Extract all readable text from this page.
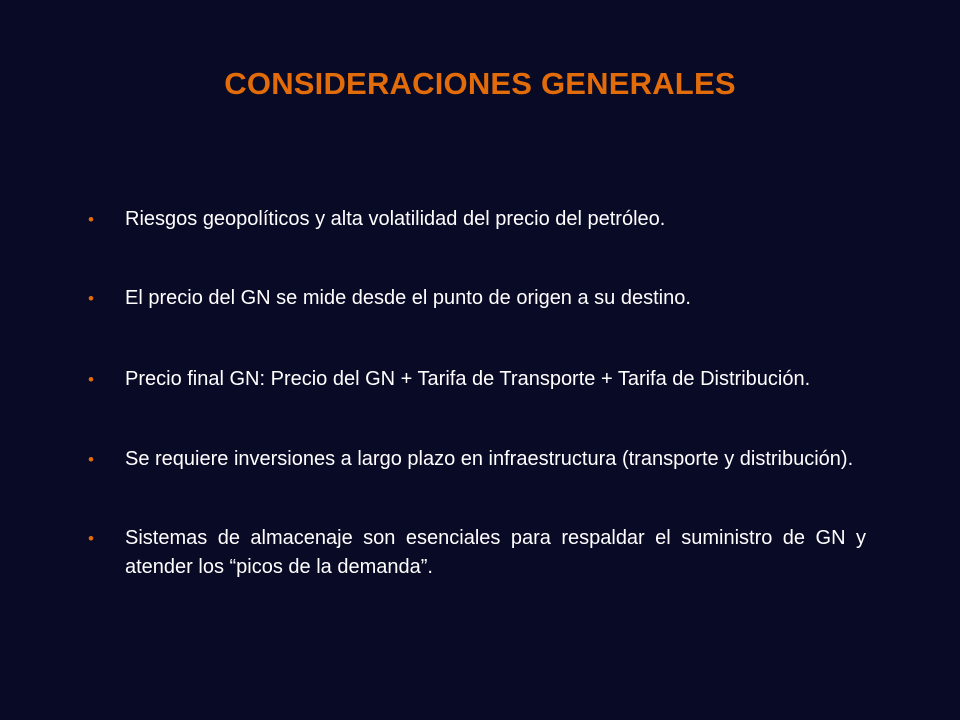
CONSIDERACIONES GENERALES
• Riesgos geopolíticos y alta volatilidad del precio del petróleo.
• El precio del GN se mide desde el punto de origen a su destino.
• Precio final GN: Precio del GN + Tarifa de Transporte + Tarifa de Distribución.
• Se requiere inversiones a largo plazo en infraestructura (transporte y distribución).
• Sistemas de almacenaje son esenciales para respaldar el suministro de GN y atender los “picos de la demanda”.
